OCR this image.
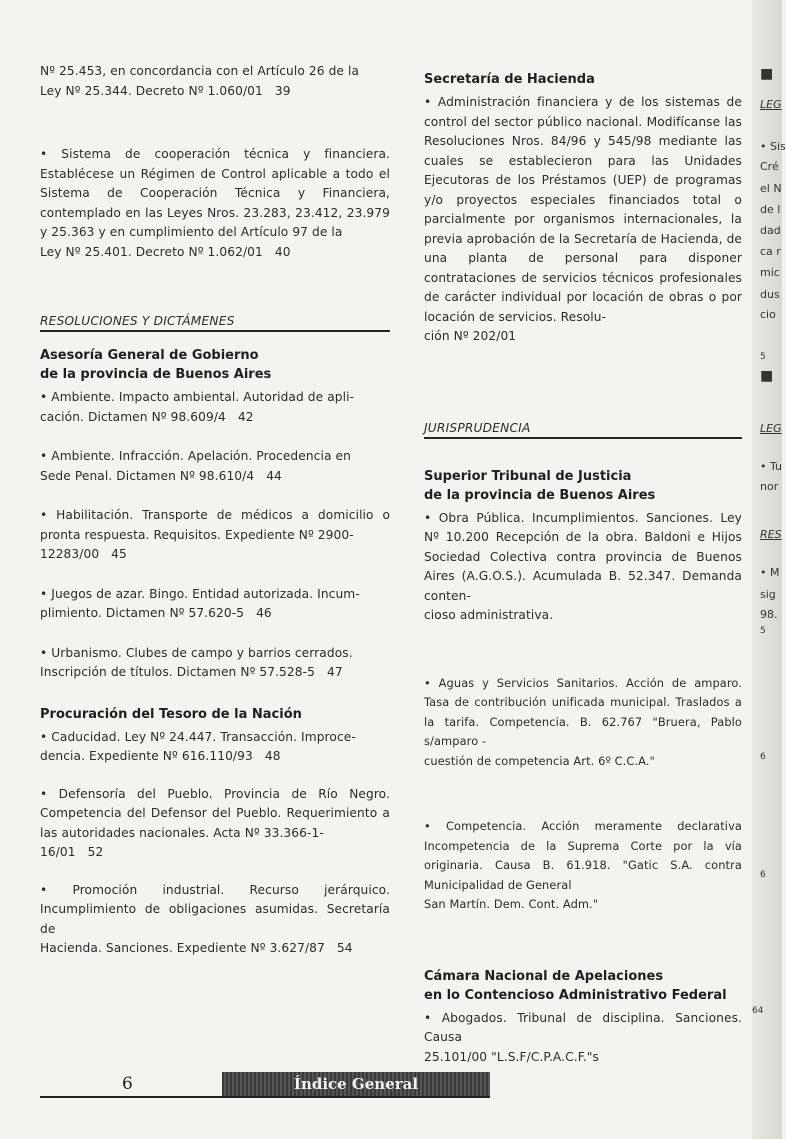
Nº 25.453, en concordancia con el Artículo 26 de la

Ley Nº 25.344. Decreto Nº 1.060/01 39

• Sistema de cooperación técnica y financiera. Establécese un Régimen de Control aplicable a todo el Sistema de Cooperación Técnica y Financiera, contemplado en las Leyes Nros. 23.283, 23.412, 23.979 y 25.363 y en cumplimiento del Artículo 97 de la

Ley Nº 25.401. Decreto Nº 1.062/01 40
RESOLUCIONES Y DICTÁMENES
Asesoría General de Gobierno
de la provincia de Buenos Aires

• Ambiente. Impacto ambiental. Autoridad de apli-

cación. Dictamen Nº 98.609/4 42

• Ambiente. Infracción. Apelación. Procedencia en

Sede Penal. Dictamen Nº 98.610/4 44

• Habilitación. Transporte de médicos a domicilio o pronta respuesta. Requisitos. Expediente Nº 2900-

12283/00 45

• Juegos de azar. Bingo. Entidad autorizada. Incum-

plimiento. Dictamen Nº 57.620-5 46

• Urbanismo. Clubes de campo y barrios cerrados.

Inscripción de títulos. Dictamen Nº 57.528-5 47
Procuración del Tesoro de la Nación

• Caducidad. Ley Nº 24.447. Transacción. Improce-

dencia. Expediente Nº 616.110/93 48

• Defensoría del Pueblo. Provincia de Río Negro. Competencia del Defensor del Pueblo. Requerimiento a las autoridades nacionales. Acta Nº 33.366-1-

16/01 52

• Promoción industrial. Recurso jerárquico. Incumplimiento de obligaciones asumidas. Secretaría de

Hacienda. Sanciones. Expediente Nº 3.627/87 54
Secretaría de Hacienda

• Administración financiera y de los sistemas de control del sector público nacional. Modifícanse las Resoluciones Nros. 84/96 y 545/98 mediante las cuales se establecieron para las Unidades Ejecutoras de los Préstamos (UEP) de programas y/o proyectos especiales financiados total o parcialmente por organismos internacionales, la previa aprobación de la Secretaría de Hacienda, de una planta de personal para disponer contrataciones de servicios técnicos profesionales de carácter individual por locación de obras o por locación de servicios. Resolu-

ción Nº 202/01
JURISPRUDENCIA
Superior Tribunal de Justicia
de la provincia de Buenos Aires

• Obra Pública. Incumplimientos. Sanciones. Ley Nº 10.200 Recepción de la obra. Baldoni e Hijos Sociedad Colectiva contra provincia de Buenos Aires (A.G.O.S.). Acumulada B. 52.347. Demanda conten-

cioso administrativa.

• Aguas y Servicios Sanitarios. Acción de amparo. Tasa de contribución unificada municipal. Traslados a la tarifa. Competencia. B. 62.767 "Bruera, Pablo s/amparo -

cuestión de competencia Art. 6º C.C.A."

• Competencia. Acción meramente declarativa Incompetencia de la Suprema Corte por la vía originaria. Causa B. 61.918. "Gatic S.A. contra Municipalidad de General

San Martín. Dem. Cont. Adm."
Cámara Nacional de Apelaciones
en lo Contencioso Administrativo Federal

• Abogados. Tribunal de disciplina. Sanciones. Causa

25.101/00 "L.S.F/C.P.A.C.F."s
■
LEG
• Sis
Cré
el N
de l
dad
ca r
mic
dus
cio
5
■
LEG
• Tu
nor
RES
• M
sig
98.
5
6
6
64
6	Índice General
